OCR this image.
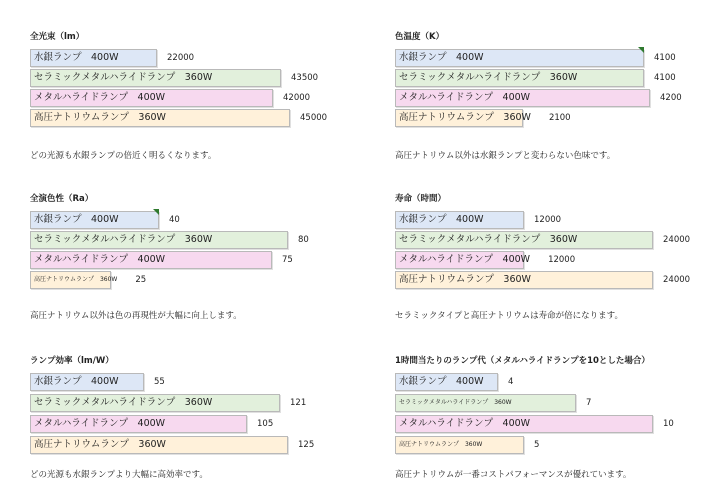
全光束（lm）
水銀ランプ　400W	22000
セラミックメタルハライドランプ　360W	43500
メタルハライドランプ　400W	42000
高圧ナトリウムランプ　360W	45000
どの光源も水銀ランプの倍近く明るくなります。
色温度（K）
水銀ランプ　400W	4100
セラミックメタルハライドランプ　360W	4100
メタルハライドランプ　400W	4200
高圧ナトリウムランプ　360W 2100
高圧ナトリウム以外は水銀ランプと変わらない色味です。
全演色性（Ra）
水銀ランプ　400W	40
セラミックメタルハライドランプ　360W	80
メタルハライドランプ　400W	75
高圧ナトリウムランプ　360W 25
高圧ナトリウム以外は色の再現性が大幅に向上します。
寿命（時間）
水銀ランプ　400W	12000
セラミックメタルハライドランプ　360W	24000
メタルハライドランプ　400W 12000
高圧ナトリウムランプ　360W	24000
セラミックタイプと高圧ナトリウムは寿命が倍になります。
ランプ効率（lm/W）
水銀ランプ　400W	55
セラミックメタルハライドランプ　360W	121
メタルハライドランプ　400W	105
高圧ナトリウムランプ　360W	125
どの光源も水銀ランプより大幅に高効率です。
1時間当たりのランプ代（メタルハライドランプを10とした場合）
水銀ランプ　400W	4
セラミックメタルハライドランプ　360W	7
メタルハライドランプ　400W	10
高圧ナトリウムランプ　360W	5
高圧ナトリウムが一番コストパフォーマンスが優れています。
